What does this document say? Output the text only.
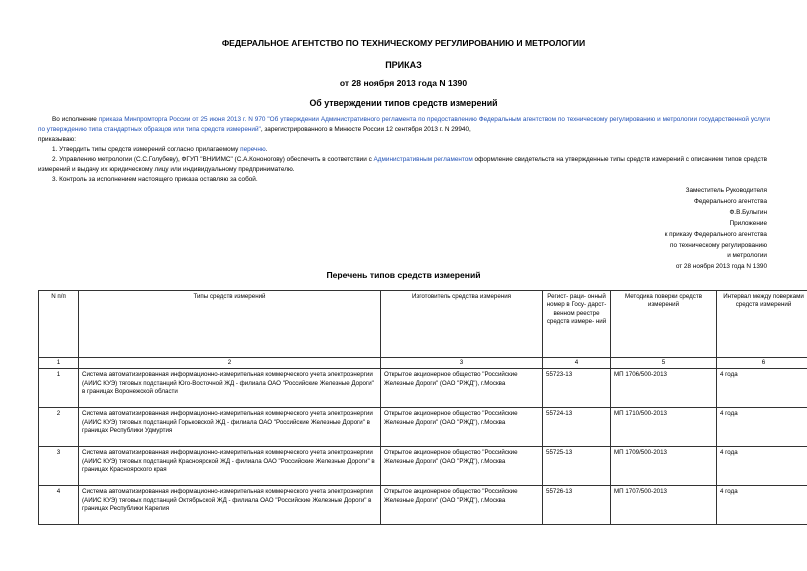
ФЕДЕРАЛЬНОЕ АГЕНТСТВО ПО ТЕХНИЧЕСКОМУ РЕГУЛИРОВАНИЮ И МЕТРОЛОГИИ
ПРИКАЗ
от 28 ноября 2013 года N 1390
Об утверждении типов средств измерений
Во исполнение приказа Минпромторга России от 25 июня 2013 г. N 970 "Об утверждении Административного регламента по предоставлению Федеральным агентством по техническому регулированию и метрологии государственной услуги по утверждению типа стандартных образцов или типа средств измерений", зарегистрированного в Минюсте России 12 сентября 2013 г. N 29940,
приказываю:
1. Утвердить типы средств измерений согласно прилагаемому перечню.
2. Управлению метрологии (С.С.Голубеву), ФГУП "ВНИИМС" (С.А.Кононогову) обеспечить в соответствии с Административным регламентом оформление свидетельств на утвержденные типы средств измерений с описанием типов средств измерений и выдачу их юридическому лицу или индивидуальному предпринимателю.
3. Контроль за исполнением настоящего приказа оставляю за собой.
Заместитель Руководителя
Федерального агентства
Ф.В.Булыгин
Приложение
к приказу Федерального агентства
по техническому регулированию
и метрологии
от 28 ноября 2013 года N 1390
Перечень типов средств измерений
N п/п	Типы средств измерений	Изготовитель средства измерения	Регист- раци- онный номер в Госу- дарст- венном реестре средств измере- ний	Методика поверки средств измерений	Интервал между поверками средств измерений
1	2	3	4	5	6
1	Система автоматизированная информационно-измерительная коммерческого учета электроэнергии (АИИС КУЭ) тяговых подстанций Юго-Восточной ЖД - филиала ОАО "Российские Железные Дороги" в границах Воронежской области	Открытое акционерное общество "Российские Железные Дороги" (ОАО "РЖД"), г.Москва	55723-13	МП 1706/500-2013	4 года
2	Система автоматизированная информационно-измерительная коммерческого учета электроэнергии (АИИС КУЭ) тяговых подстанций Горьковской ЖД - филиала ОАО "Российские Железные Дороги" в границах Республики Удмуртия	Открытое акционерное общество "Российские Железные Дороги" (ОАО "РЖД"), г.Москва	55724-13	МП 1710/500-2013	4 года
3	Система автоматизированная информационно-измерительная коммерческого учета электроэнергии (АИИС КУЭ) тяговых подстанций Красноярской ЖД - филиала ОАО "Российские Железные Дороги" в границах Красноярского края	Открытое акционерное общество "Российские Железные Дороги" (ОАО "РЖД"), г.Москва	55725-13	МП 1709/500-2013	4 года
4	Система автоматизированная информационно-измерительная коммерческого учета электроэнергии (АИИС КУЭ) тяговых подстанций Октябрьской ЖД - филиала ОАО "Российские Железные Дороги" в границах Республики Карелия	Открытое акционерное общество "Российские Железные Дороги" (ОАО "РЖД"), г.Москва	55726-13	МП 1707/500-2013	4 года
